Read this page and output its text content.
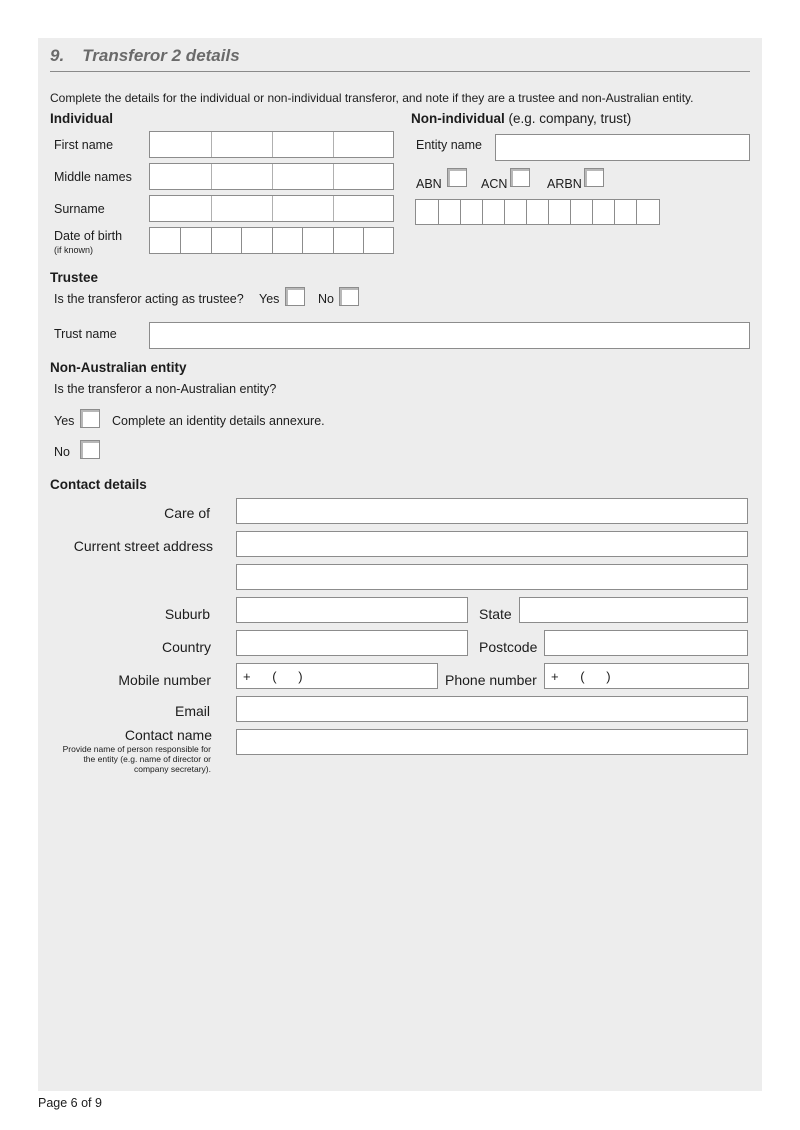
9. Transferor 2 details
Complete the details for the individual or non-individual transferor, and note if they are a trustee and non-Australian entity.
Individual
First name
Middle names
Surname
Date of birth
(if known)
Non-individual (e.g. company, trust)
Entity name
ABN	ACN	ARBN
Trustee
Is the transferor acting as trustee? Yes	No
Trust name
Non-Australian entity
Is the transferor a non-Australian entity?
Yes	Complete an identity details annexure.
No
Contact details
Care of
Current street address
Suburb	State
Country	Postcode
Mobile number +      (      )	Phone number +      (      )
Email
Contact name
Provide name of person responsible for the entity (e.g. name of director or company secretary).
Page 6 of 9
